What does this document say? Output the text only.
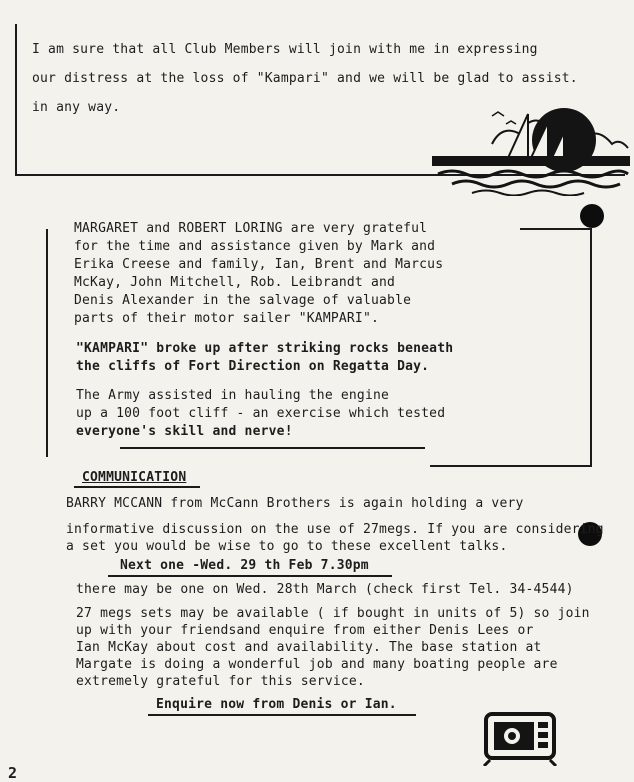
I am sure that all Club Members will join with me in expressing
our distress at the loss of "Kampari" and we will be glad to assist.
in any way.
MARGARET and ROBERT LORING are very grateful
for the time and assistance given by Mark and
Erika Creese and family, Ian, Brent and Marcus
McKay, John Mitchell, Rob. Leibrandt and
Denis Alexander in the salvage of valuable
parts of their motor sailer "KAMPARI".
"KAMPARI" broke up after striking rocks beneath
the cliffs of Fort Direction on Regatta Day.
The Army assisted in hauling the engine
up a 100 foot cliff - an exercise which tested
everyone's skill and nerve!
COMMUNICATION
BARRY MCCANN from McCann Brothers is again holding a very
informative discussion on the use of 27megs. If you are considering
a set you would be wise to go to these excellent talks.
Next one -Wed. 29 th Feb 7.30pm
there may be one on Wed. 28th March (check first Tel. 34-4544)
27 megs sets may be available ( if bought in units of 5) so join
up with your friendsand enquire from either Denis Lees or
Ian McKay about cost and availability. The base station at
Margate is doing a wonderful job and many boating people are
extremely grateful for this service.
Enquire now from Denis or Ian.
2
